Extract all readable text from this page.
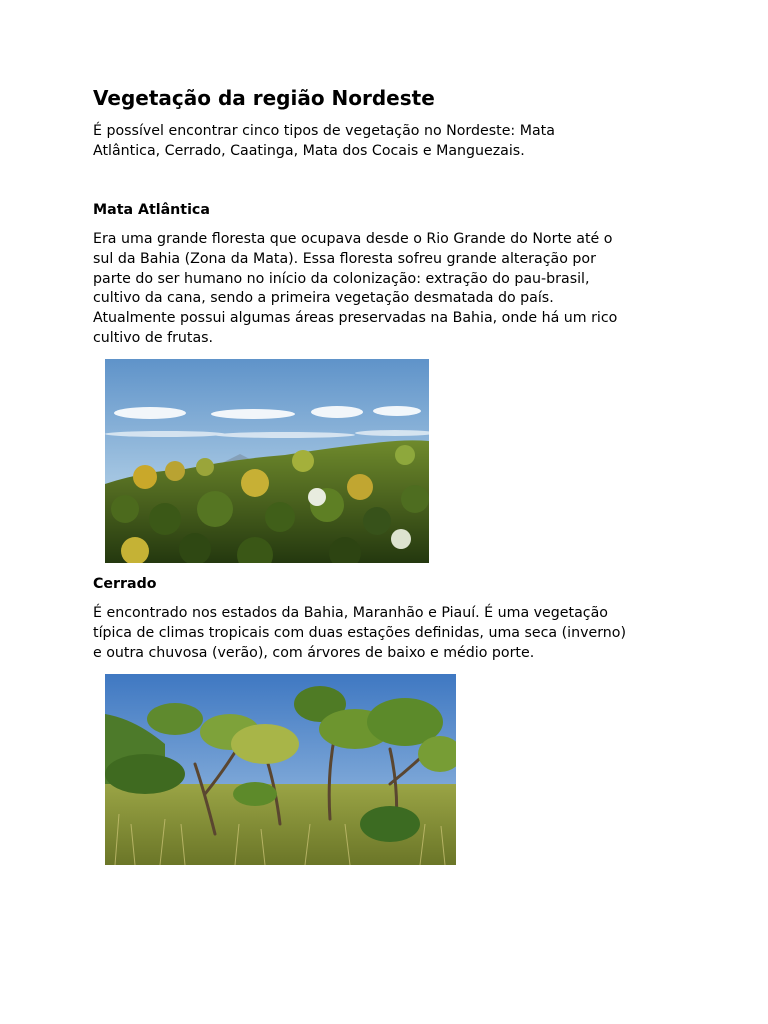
Vegetação da região Nordeste

É possível encontrar cinco tipos de vegetação no Nordeste: Mata
Atlântica, Cerrado, Caatinga, Mata dos Cocais e Manguezais.

Mata Atlântica

Era uma grande floresta que ocupava desde o Rio Grande do Norte até o
sul da Bahia (Zona da Mata). Essa floresta sofreu grande alteração por
parte do ser humano no início da colonização: extração do pau-brasil,
cultivo da cana, sendo a primeira vegetação desmatada do país.
Atualmente possui algumas áreas preservadas na Bahia, onde há um rico
cultivo de frutas.

Cerrado

É encontrado nos estados da Bahia, Maranhão e Piauí. É uma vegetação
típica de climas tropicais com duas estações definidas, uma seca (inverno)
e outra chuvosa (verão), com árvores de baixo e médio porte.
